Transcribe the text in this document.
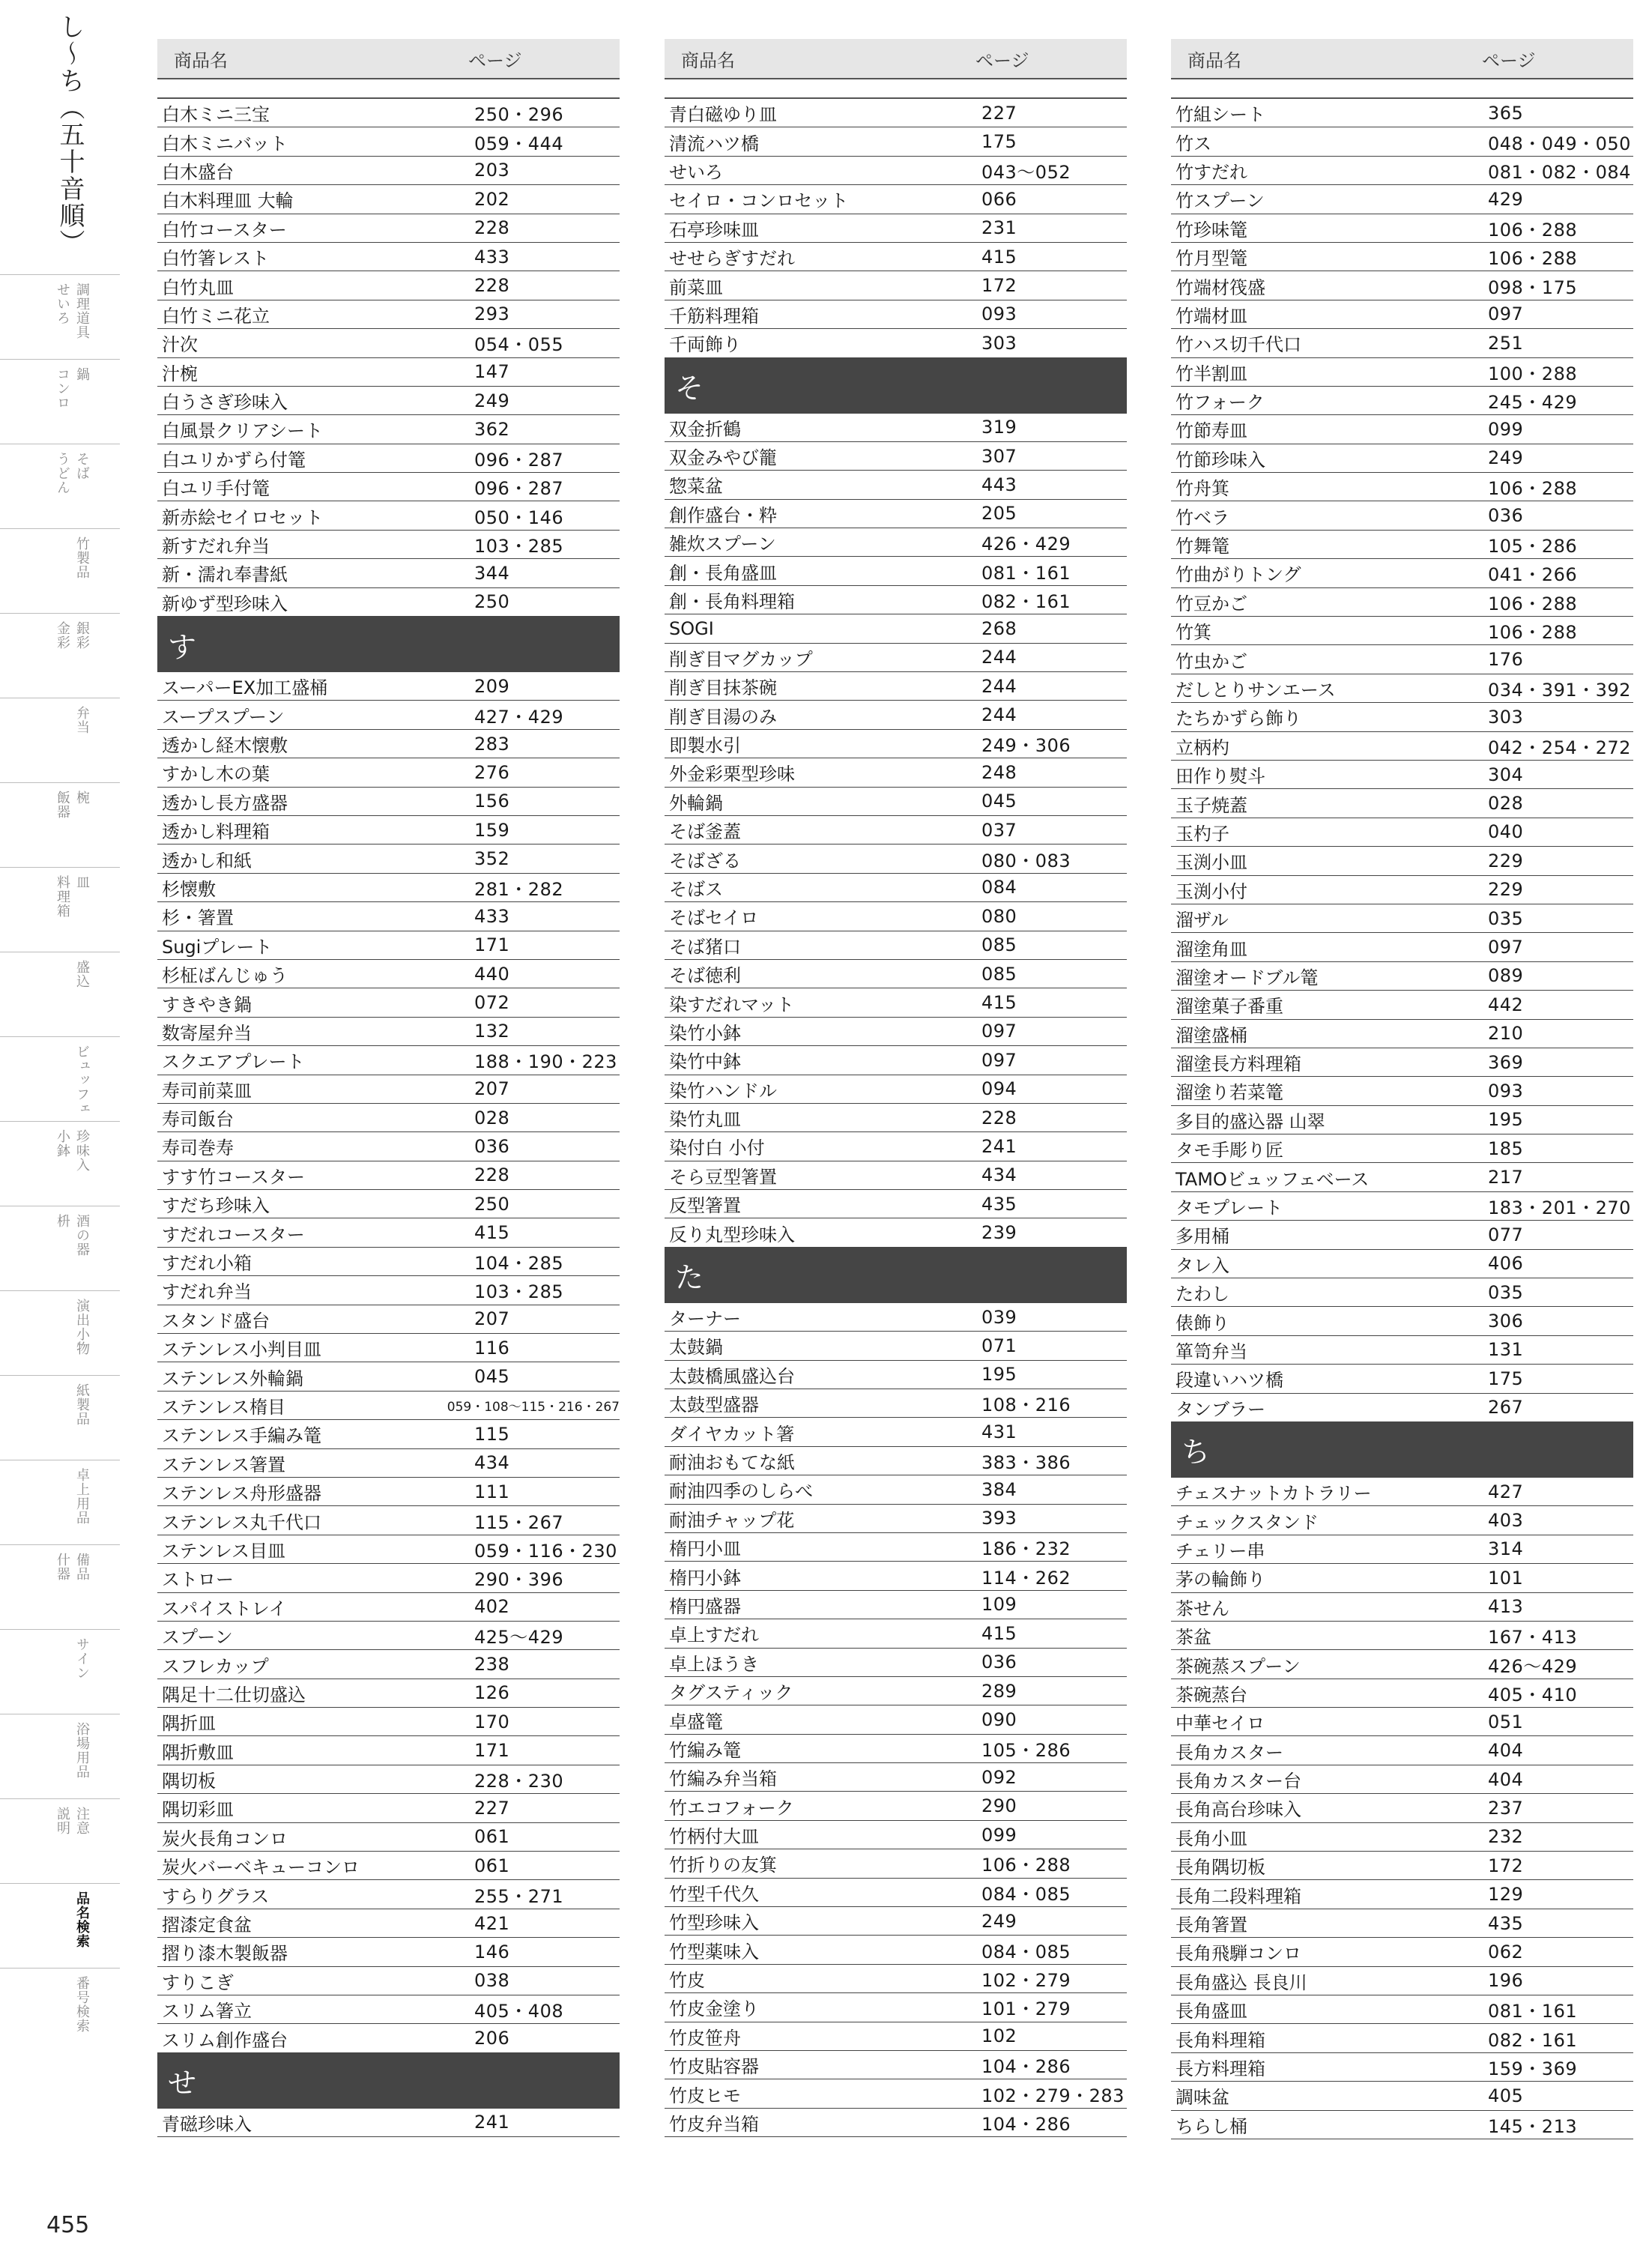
し〜ち（五十音順）
調理道具
せいろ
鍋
コンロ
そば
うどん
竹製品
銀彩
金彩
弁当
椀
飯器
皿
料理箱
盛込
ビュッフェ
珍味入
小鉢
酒の器
枡
演出小物
紙製品
卓上用品
備品
什器
サイン
浴場用品
注意
説明
品名検索
番号検索
455
商品名	ページ
白木ミニ三宝	250・296
白木ミニバット	059・444
白木盛台	203
白木料理皿 大輪	202
白竹コースター	228
白竹箸レスト	433
白竹丸皿	228
白竹ミニ花立	293
汁次	054・055
汁椀	147
白うさぎ珍味入	249
白風景クリアシート	362
白ユリかずら付篭	096・287
白ユリ手付篭	096・287
新赤絵セイロセット	050・146
新すだれ弁当	103・285
新・濡れ奉書紙	344
新ゆず型珍味入	250
す
スーパーEX加工盛桶	209
スープスプーン	427・429
透かし経木懐敷	283
すかし木の葉	276
透かし長方盛器	156
透かし料理箱	159
透かし和紙	352
杉懐敷	281・282
杉・箸置	433
Sugiプレート	171
杉柾ばんじゅう	440
すきやき鍋	072
数寄屋弁当	132
スクエアプレート	188・190・223
寿司前菜皿	207
寿司飯台	028
寿司巻寿	036
すす竹コースター	228
すだち珍味入	250
すだれコースター	415
すだれ小箱	104・285
すだれ弁当	103・285
スタンド盛台	207
ステンレス小判目皿	116
ステンレス外輪鍋	045
ステンレス楕目	059・108〜115・216・267
ステンレス手編み篭	115
ステンレス箸置	434
ステンレス舟形盛器	111
ステンレス丸千代口	115・267
ステンレス目皿	059・116・230
ストロー	290・396
スパイストレイ	402
スプーン	425〜429
スフレカップ	238
隅足十二仕切盛込	126
隅折皿	170
隅折敷皿	171
隅切板	228・230
隅切彩皿	227
炭火長角コンロ	061
炭火バーベキューコンロ	061
すらりグラス	255・271
摺漆定食盆	421
摺り漆木製飯器	146
すりこぎ	038
スリム箸立	405・408
スリム創作盛台	206
せ
青磁珍味入	241
商品名	ページ
青白磁ゆり皿	227
清流ハツ橋	175
せいろ	043〜052
セイロ・コンロセット	066
石亭珍味皿	231
せせらぎすだれ	415
前菜皿	172
千筋料理箱	093
千両飾り	303
そ
双金折鶴	319
双金みやび籠	307
惣菜盆	443
創作盛台・粋	205
雑炊スプーン	426・429
創・長角盛皿	081・161
創・長角料理箱	082・161
SOGI	268
削ぎ目マグカップ	244
削ぎ目抹茶碗	244
削ぎ目湯のみ	244
即製水引	249・306
外金彩栗型珍味	248
外輪鍋	045
そば釜蓋	037
そばざる	080・083
そばス	084
そばセイロ	080
そば猪口	085
そば徳利	085
染すだれマット	415
染竹小鉢	097
染竹中鉢	097
染竹ハンドル	094
染竹丸皿	228
染付白 小付	241
そら豆型箸置	434
反型箸置	435
反り丸型珍味入	239
た
ターナー	039
太鼓鍋	071
太鼓橋風盛込台	195
太鼓型盛器	108・216
ダイヤカット箸	431
耐油おもてな紙	383・386
耐油四季のしらべ	384
耐油チャップ花	393
楕円小皿	186・232
楕円小鉢	114・262
楕円盛器	109
卓上すだれ	415
卓上ほうき	036
タグスティック	289
卓盛篭	090
竹編み篭	105・286
竹編み弁当箱	092
竹エコフォーク	290
竹柄付大皿	099
竹折りの友箕	106・288
竹型千代久	084・085
竹型珍味入	249
竹型薬味入	084・085
竹皮	102・279
竹皮金塗り	101・279
竹皮笹舟	102
竹皮貼容器	104・286
竹皮ヒモ	102・279・283
竹皮弁当箱	104・286
商品名	ページ
竹組シート	365
竹ス	048・049・050
竹すだれ	081・082・084
竹スプーン	429
竹珍味篭	106・288
竹月型篭	106・288
竹端材筏盛	098・175
竹端材皿	097
竹ハス切千代口	251
竹半割皿	100・288
竹フォーク	245・429
竹節寿皿	099
竹節珍味入	249
竹舟箕	106・288
竹ベラ	036
竹舞篭	105・286
竹曲がりトング	041・266
竹豆かご	106・288
竹箕	106・288
竹虫かご	176
だしとりサンエース	034・391・392
たちかずら飾り	303
立柄杓	042・254・272
田作り熨斗	304
玉子焼蓋	028
玉杓子	040
玉渕小皿	229
玉渕小付	229
溜ザル	035
溜塗角皿	097
溜塗オードブル篭	089
溜塗菓子番重	442
溜塗盛桶	210
溜塗長方料理箱	369
溜塗り若菜篭	093
多目的盛込器 山翠	195
タモ手彫り匠	185
TAMOビュッフェベース	217
タモプレート	183・201・270
多用桶	077
タレ入	406
たわし	035
俵飾り	306
箪笥弁当	131
段違いハツ橋	175
タンブラー	267
ち
チェスナットカトラリー	427
チェックスタンド	403
チェリー串	314
茅の輪飾り	101
茶せん	413
茶盆	167・413
茶碗蒸スプーン	426〜429
茶碗蒸台	405・410
中華セイロ	051
長角カスター	404
長角カスター台	404
長角高台珍味入	237
長角小皿	232
長角隅切板	172
長角二段料理箱	129
長角箸置	435
長角飛騨コンロ	062
長角盛込 長良川	196
長角盛皿	081・161
長角料理箱	082・161
長方料理箱	159・369
調味盆	405
ちらし桶	145・213
